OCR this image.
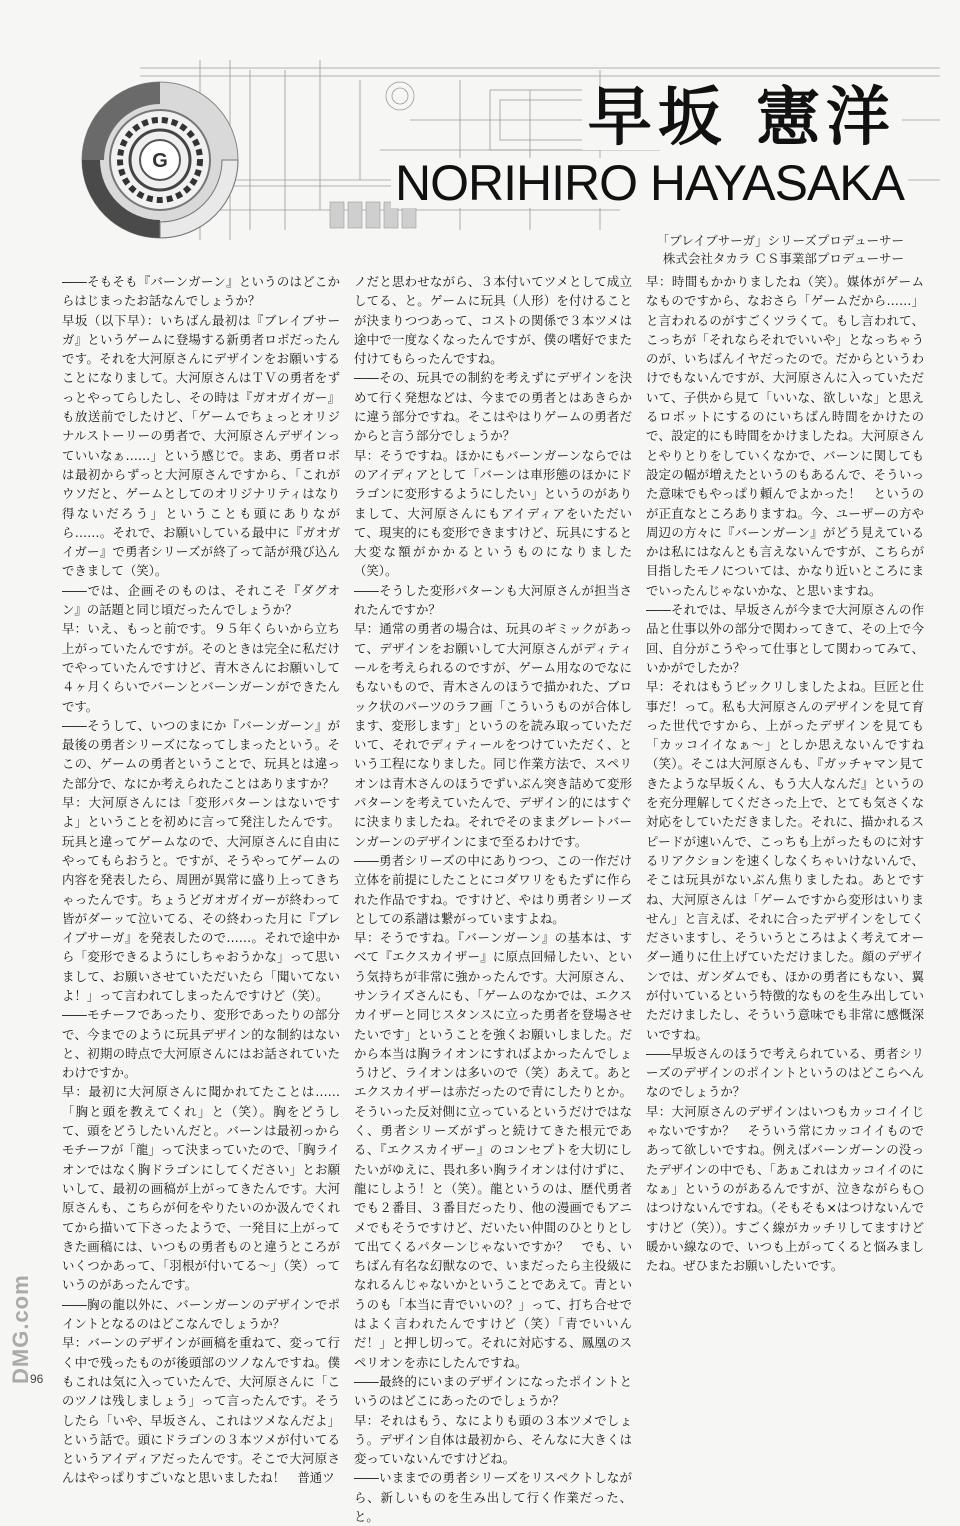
G
早坂 憲洋
NORIHIRO HAYASAKA
「ブレイブサーガ」シリーズプロデューサー
株式会社タカラ ＣＳ事業部プロデューサー

――そもそも『バーンガーン』というのはどこからはじまったお話なんでしょうか？

早坂（以下早）：いちばん最初は『ブレイブサーガ』というゲームに登場する新勇者ロボだったんです。それを大河原さんにデザインをお願いすることになりまして。大河原さんはＴＶの勇者をずっとやってらしたし、その時は『ガオガイガー』も放送前でしたけど、「ゲームでちょっとオリジナルストーリーの勇者で、大河原さんデザインっていいなぁ……」という感じで。まあ、勇者ロボは最初からずっと大河原さんですから、「これがウソだと、ゲームとしてのオリジナリティはなり得ないだろう」ということも頭にありながら……。それで、お願いしている最中に『ガオガイガー』で勇者シリーズが終了って話が飛び込んできまして（笑）。

――では、企画そのものは、それこそ『ダグオン』の話題と同じ頃だったんでしょうか？

早：いえ、もっと前です。９５年くらいから立ち上がっていたんですが。そのときは完全に私だけでやっていたんですけど、青木さんにお願いして４ヶ月くらいでバーンとバーンガーンができたんです。

――そうして、いつのまにか『バーンガーン』が最後の勇者シリーズになってしまったという。そこの、ゲームの勇者ということで、玩具とは違った部分で、なにか考えられたことはありますか？

早：大河原さんには「変形パターンはないですよ」ということを初めに言って発注したんです。玩具と違ってゲームなので、大河原さんに自由にやってもらおうと。ですが、そうやってゲームの内容を発表したら、周囲が異常に盛り上ってきちゃったんです。ちょうどガオガイガーが終わって皆がダーッて泣いてる、その終わった月に『ブレイブサーガ』を発表したので……。それで途中から「変形できるようにしちゃおうかな」って思いまして、お願いさせていただいたら「聞いてないよ！」って言われてしまったんですけど（笑）。

――モチーフであったり、変形であったりの部分で、今までのように玩具デザイン的な制約はないと、初期の時点で大河原さんにはお話されていたわけですか。

早：最初に大河原さんに聞かれてたことは……「胸と頭を教えてくれ」と（笑）。胸をどうして、頭をどうしたいんだと。バーンは最初っからモチーフが「龍」って決まっていたので、「胸ライオンではなく胸ドラゴンにしてください」とお願いして、最初の画稿が上がってきたんです。大河原さんも、こちらが何をやりたいのか汲んでくれてから描いて下さったようで、一発目に上がってきた画稿には、いつもの勇者ものと違うところがいくつかあって、「羽根が付いてる～」（笑）っていうのがあったんです。

――胸の龍以外に、バーンガーンのデザインでポイントとなるのはどこなんでしょうか？

早：バーンのデザインが画稿を重ねて、変って行く中で残ったものが後頭部のツノなんですね。僕もこれは気に入っていたんで、大河原さんに「このツノは残しましょう」って言ったんです。そうしたら「いや、早坂さん、これはツメなんだよ」という話で。頭にドラゴンの３本ツメが付いてるというアイディアだったんです。そこで大河原さんはやっぱりすごいなと思いましたね！　普通ツ

ノだと思わせながら、３本付いてツメとして成立してる、と。ゲームに玩具（人形）を付けることが決まりつつあって、コストの関係で３本ツメは途中で一度なくなったんですが、僕の嗜好でまた付けてもらったんですね。

――その、玩具での制約を考えずにデザインを決めて行く発想などは、今までの勇者とはあきらかに違う部分ですね。そこはやはりゲームの勇者だからと言う部分でしょうか？

早：そうですね。ほかにもバーンガーンならではのアイディアとして「バーンは車形態のほかにドラゴンに変形するようにしたい」というのがありまして、大河原さんにもアイディアをいただいて、現実的にも変形できますけど、玩具にすると大変な額がかかるというものになりました（笑）。

――そうした変形パターンも大河原さんが担当されたんですか？

早：通常の勇者の場合は、玩具のギミックがあって、デザインをお願いして大河原さんがディティールを考えられるのですが、ゲーム用なのでなにもないもので、青木さんのほうで描かれた、ブロック状のパーツのラフ画「こういうものが合体します、変形します」というのを読み取っていただいて、それでディティールをつけていただく、という工程になりました。同じ作業方法で、スペリオンは青木さんのほうでずいぶん突き詰めて変形パターンを考えていたんで、デザイン的にはすぐに決まりましたね。それでそのままグレートバーンガーンのデザインにまで至るわけです。

――勇者シリーズの中にありつつ、この一作だけ立体を前提にしたことにコダワリをもたずに作られた作品ですね。ですけど、やはり勇者シリーズとしての系譜は繋がっていますよね。

早：そうですね。『バーンガーン』の基本は、すべて『エクスカイザー』に原点回帰したい、という気持ちが非常に強かったんです。大河原さん、サンライズさんにも、「ゲームのなかでは、エクスカイザーと同じスタンスに立った勇者を登場させたいです」ということを強くお願いしました。だから本当は胸ライオンにすればよかったんでしょうけど、ライオンは多いので（笑）あえて。あとエクスカイザーは赤だったので青にしたりとか。そういった反対側に立っているというだけではなく、勇者シリーズがずっと続けてきた根元である、『エクスカイザー』のコンセプトを大切にしたいがゆえに、畏れ多い胸ライオンは付けずに、龍にしよう！と（笑）。龍というのは、歴代勇者でも２番目、３番目だったり、他の漫画でもアニメでもそうですけど、だいたい仲間のひとりとして出てくるパターンじゃないですか？　でも、いちばん有名な幻獣なので、いまだったら主役級になれるんじゃないかということであえて。青というのも「本当に青でいいの？」って、打ち合せではよく言われたんですけど（笑）「青でいいんだ！」と押し切って。それに対応する、鳳凰のスペリオンを赤にしたんですね。

――最終的にいまのデザインになったポイントというのはどこにあったのでしょうか？

早：それはもう、なによりも頭の３本ツメでしょう。デザイン自体は最初から、そんなに大きくは変っていないんですけどね。

――いままでの勇者シリーズをリスペクトしながら、新しいものを生み出して行く作業だった、と。

早：時間もかかりましたね（笑）。媒体がゲームなものですから、なおさら「ゲームだから……」と言われるのがすごくツラくて。もし言われて、こっちが「それならそれでいいや」となっちゃうのが、いちばんイヤだったので。だからというわけでもないんですが、大河原さんに入っていただいて、子供から見て「いいな、欲しいな」と思えるロボットにするのにいちばん時間をかけたので、設定的にも時間をかけましたね。大河原さんとやりとりをしていくなかで、バーンに関しても設定の幅が増えたというのもあるんで、そういった意味でもやっぱり頼んでよかった！　というのが正直なところありますね。今、ユーザーの方や周辺の方々に『バーンガーン』がどう見えているかは私にはなんとも言えないんですが、こちらが目指したモノについては、かなり近いところにまでいったんじゃないかな、と思いますね。

――それでは、早坂さんが今まで大河原さんの作品と仕事以外の部分で関わってきて、その上で今回、自分がこうやって仕事として関わってみて、いかがでしたか？

早：それはもうビックリしましたよね。巨匠と仕事だ！って。私も大河原さんのデザインを見て育った世代ですから、上がったデザインを見ても「カッコイイなぁ～」としか思えないんですね（笑）。そこは大河原さんも、『ガッチャマン見てきたような早坂くん、もう大人なんだ』というのを充分理解してくださった上で、とても気さくな対応をしていただきました。それに、描かれるスピードが速いんで、こっちも上がったものに対するリアクションを速くしなくちゃいけないんで、そこは玩具がないぶん焦りましたね。あとですね、大河原さんは「ゲームですから変形はいりません」と言えば、それに合ったデザインをしてくださいますし、そういうところはよく考えてオーダー通りに仕上げていただけました。顔のデザインでは、ガンダムでも、ほかの勇者にもない、翼が付いているという特徴的なものを生み出していただけましたし、そういう意味でも非常に感慨深いですね。

――早坂さんのほうで考えられている、勇者シリーズのデザインのポイントというのはどこらへんなのでしょうか？

早：大河原さんのデザインはいつもカッコイイじゃないですか？　そういう常にカッコイイものであって欲しいですね。例えばバーンガーンの没ったデザインの中でも、「あぁこれはカッコイイのになぁ」というのがあるんですが、泣きながらも○はつけないんですね。（そもそも×はつけないんですけど（笑））。すごく線がカッチリしてますけど暖かい線なので、いつも上がってくると悩みましたね。ぜひまたお願いしたいです。

DMG.com
96
